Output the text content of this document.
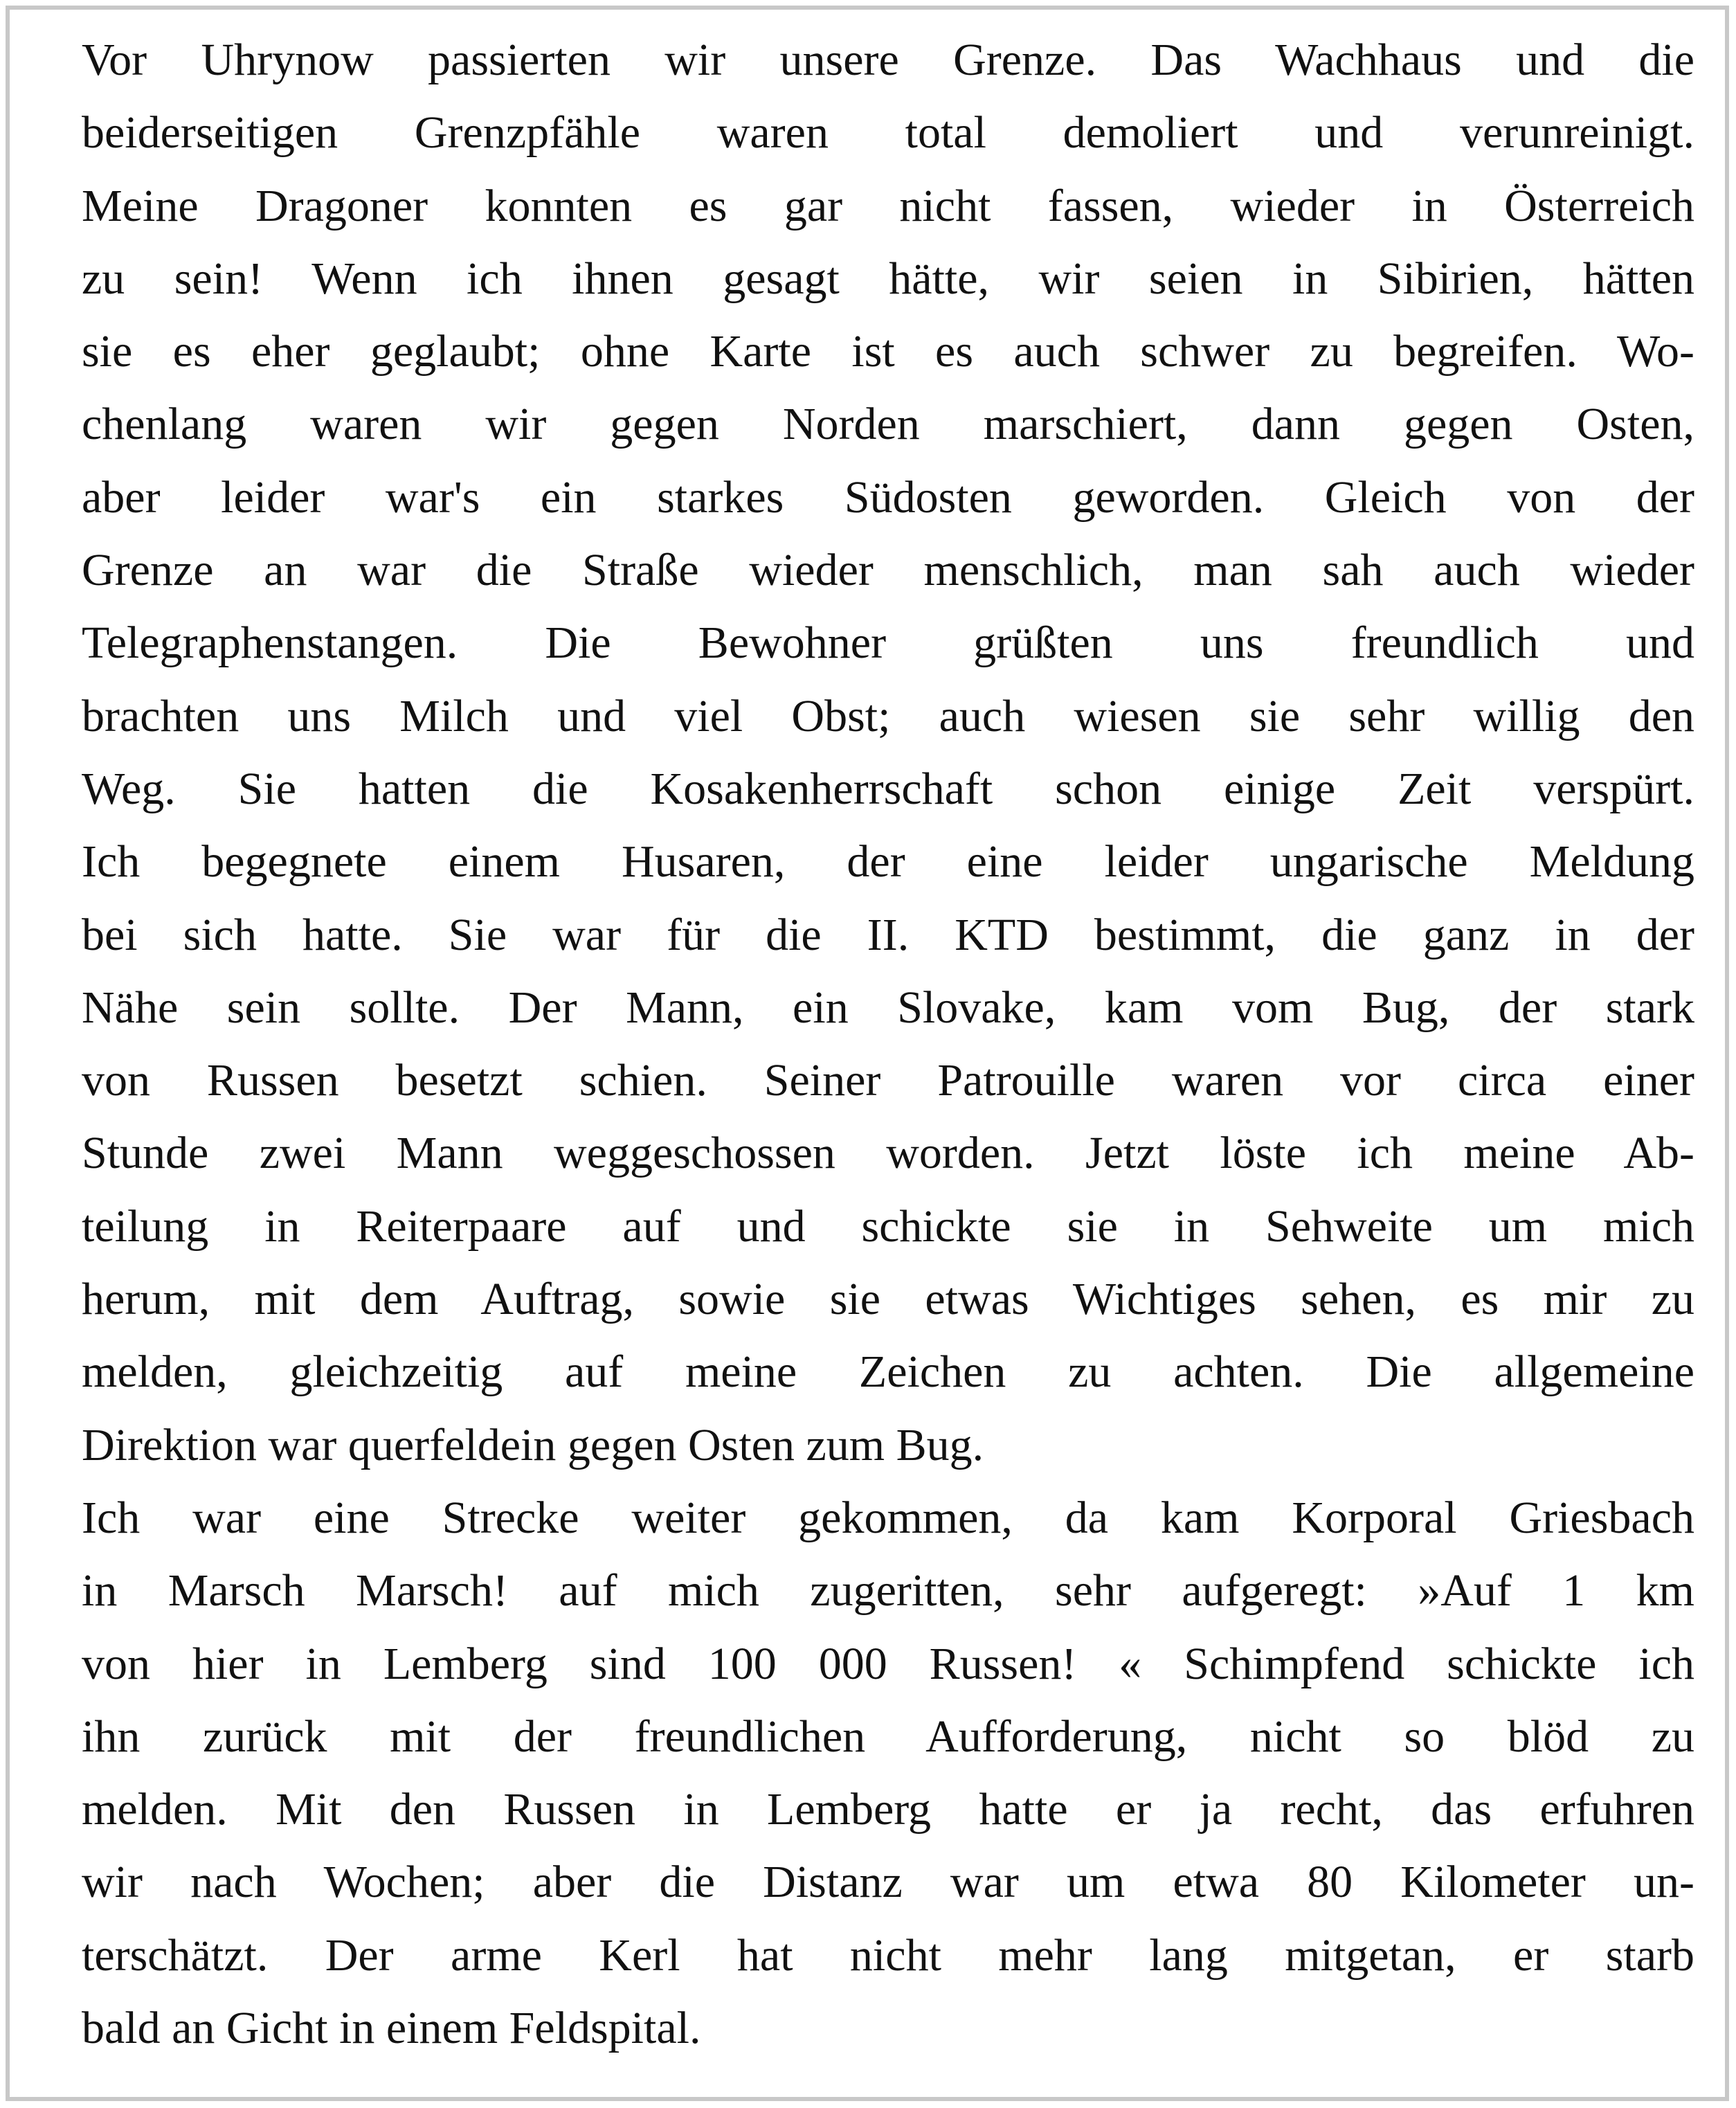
Vor Uhrynow passierten wir unsere Grenze. Das Wachhaus und die
beiderseitigen Grenzpfähle waren total demoliert und verunreinigt.
Meine Dragoner konnten es gar nicht fassen, wieder in Österreich
zu sein! Wenn ich ihnen gesagt hätte, wir seien in Sibirien, hätten
sie es eher geglaubt; ohne Karte ist es auch schwer zu begreifen. Wo-
chenlang waren wir gegen Norden marschiert, dann gegen Osten,
aber leider war's ein starkes Südosten geworden. Gleich von der
Grenze an war die Straße wieder menschlich, man sah auch wieder
Telegraphenstangen. Die Bewohner grüßten uns freundlich und
brachten uns Milch und viel Obst; auch wiesen sie sehr willig den
Weg. Sie hatten die Kosakenherrschaft schon einige Zeit verspürt.
Ich begegnete einem Husaren, der eine leider ungarische Meldung
bei sich hatte. Sie war für die II. KTD bestimmt, die ganz in der
Nähe sein sollte. Der Mann, ein Slovake, kam vom Bug, der stark
von Russen besetzt schien. Seiner Patrouille waren vor circa einer
Stunde zwei Mann weggeschossen worden. Jetzt löste ich meine Ab-
teilung in Reiterpaare auf und schickte sie in Sehweite um mich
herum, mit dem Auftrag, sowie sie etwas Wichtiges sehen, es mir zu
melden, gleichzeitig auf meine Zeichen zu achten. Die allgemeine
Direktion war querfeldein gegen Osten zum Bug.
Ich war eine Strecke weiter gekommen, da kam Korporal Griesbach
in Marsch Marsch! auf mich zugeritten, sehr aufgeregt: »Auf 1 km
von hier in Lemberg sind 100 000 Russen! « Schimpfend schickte ich
ihn zurück mit der freundlichen Aufforderung, nicht so blöd zu
melden. Mit den Russen in Lemberg hatte er ja recht, das erfuhren
wir nach Wochen; aber die Distanz war um etwa 80 Kilometer un-
terschätzt. Der arme Kerl hat nicht mehr lang mitgetan, er starb
bald an Gicht in einem Feldspital.
